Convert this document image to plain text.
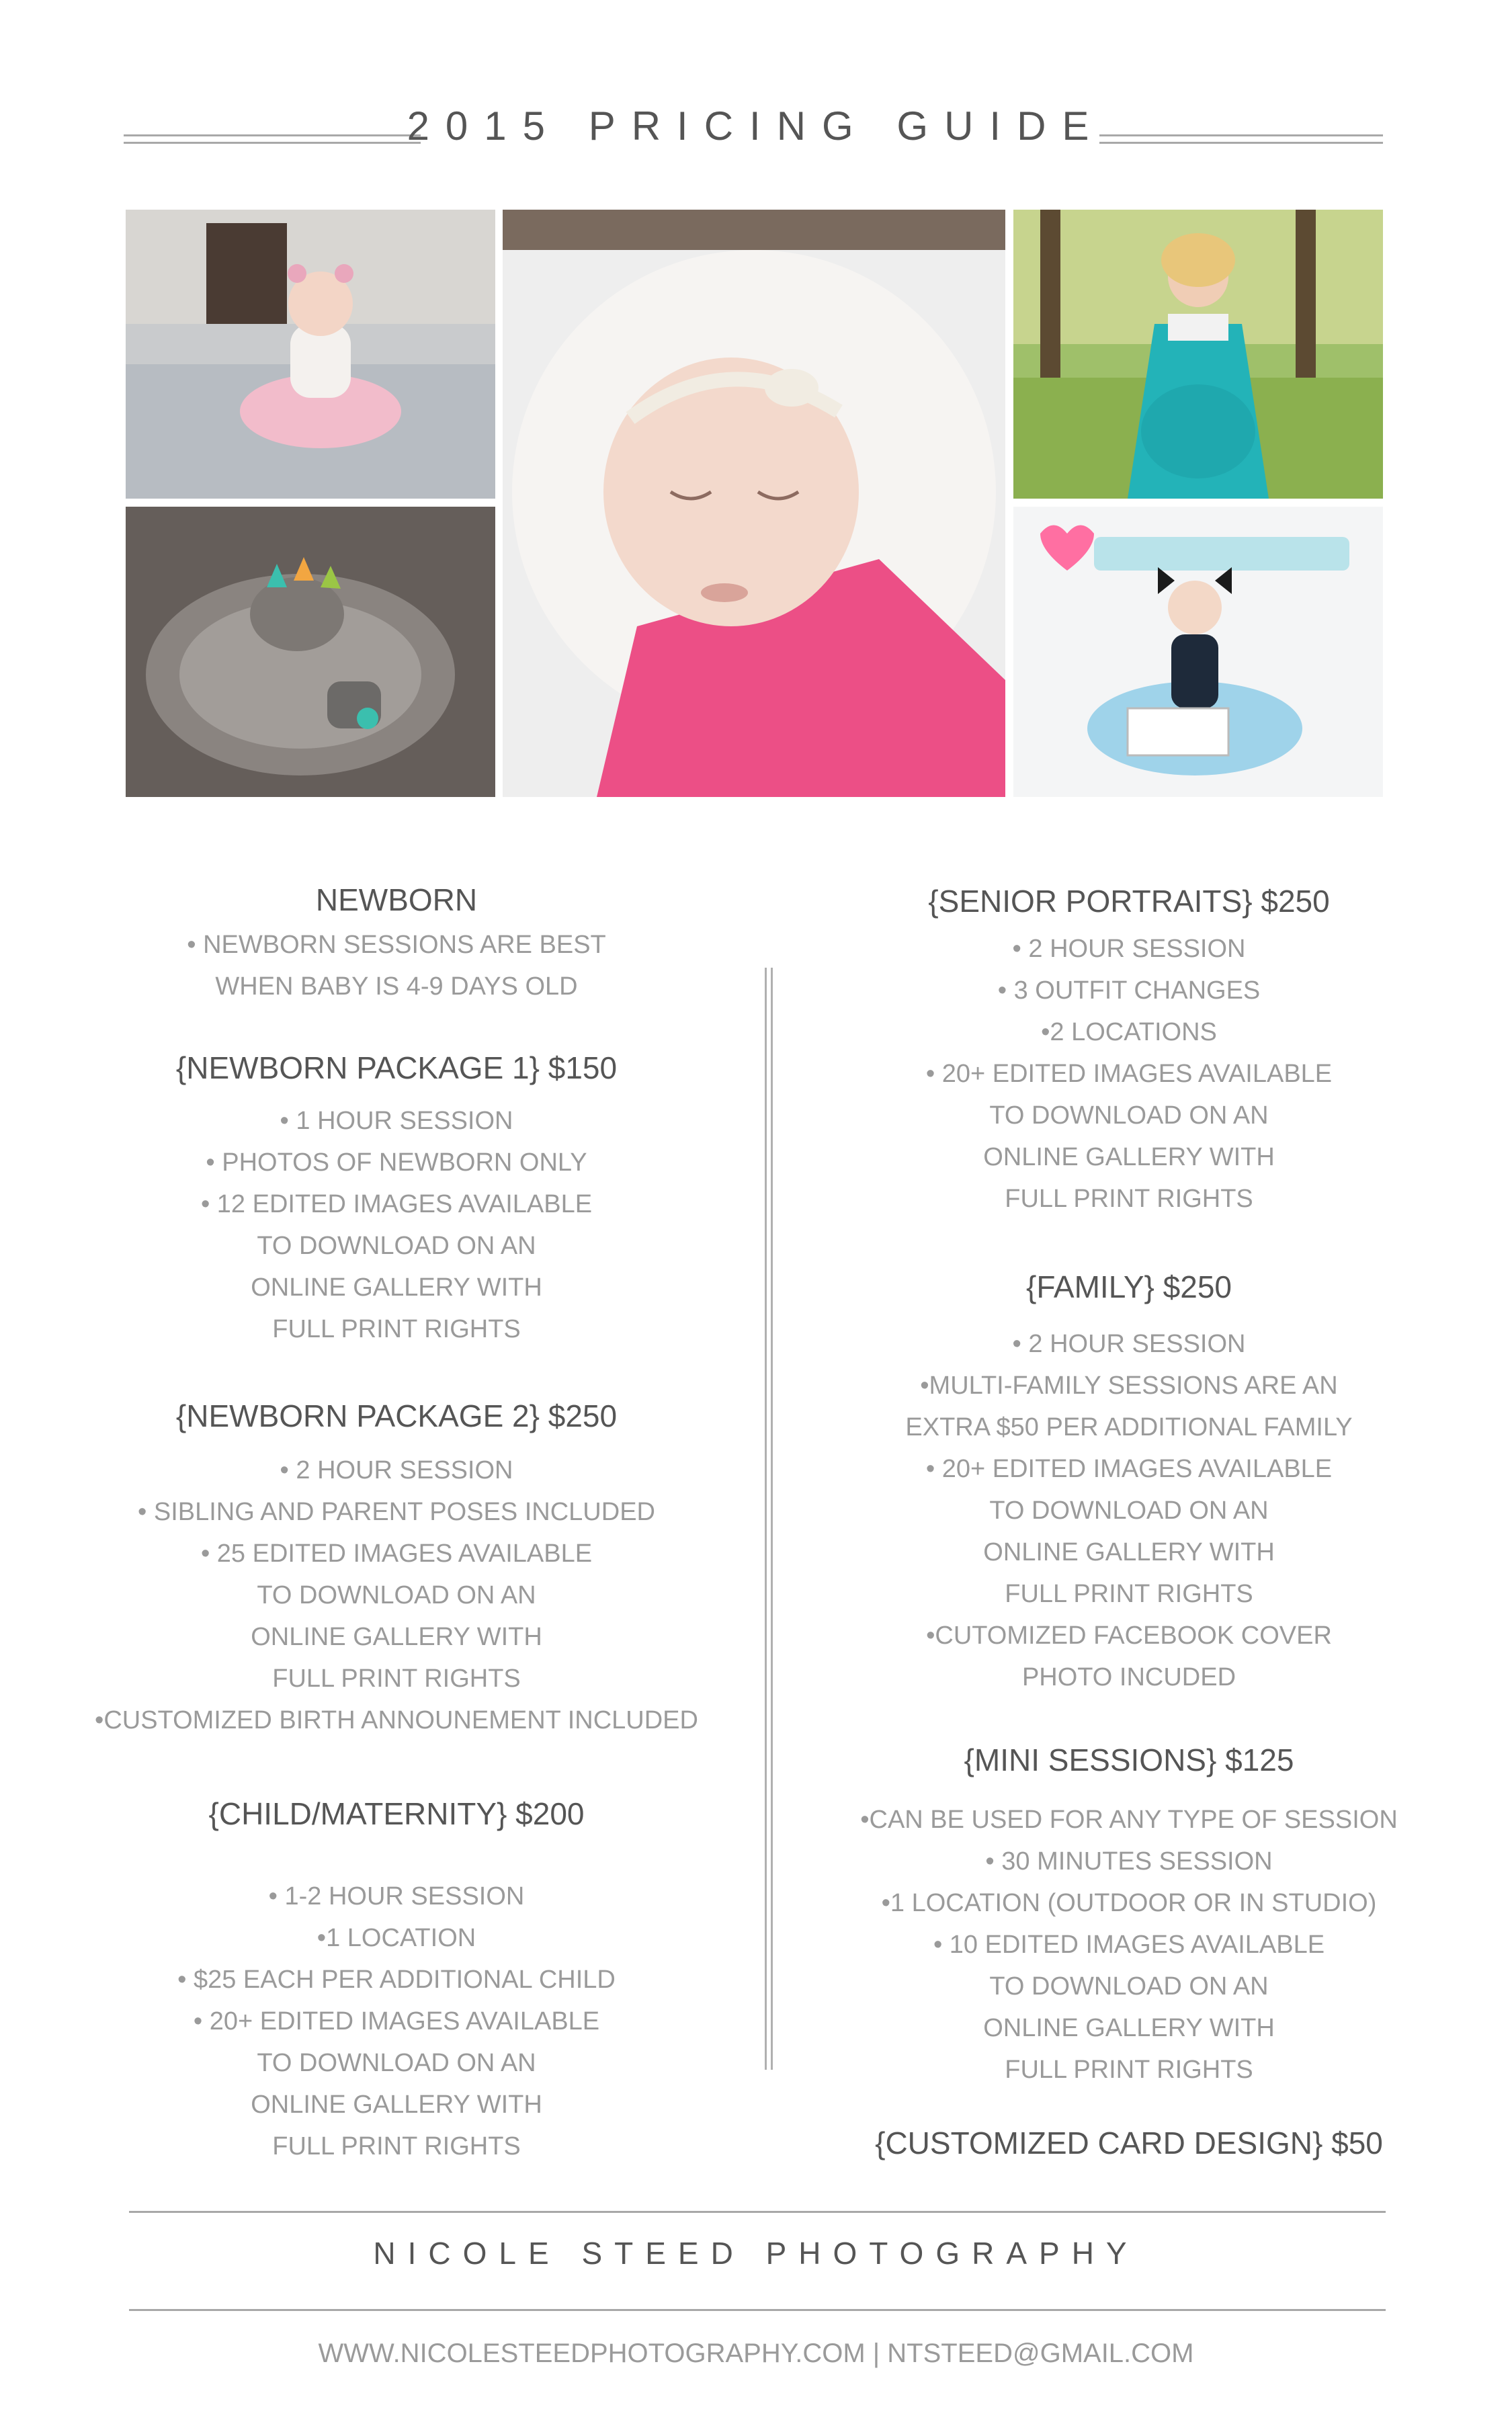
2015 PRICING GUIDE
NEWBORN
• NEWBORN SESSIONS ARE BEST
WHEN BABY IS 4-9 DAYS OLD
{NEWBORN PACKAGE 1} $150
• 1 HOUR SESSION
• PHOTOS OF NEWBORN ONLY
• 12 EDITED IMAGES AVAILABLE
TO DOWNLOAD ON AN
ONLINE GALLERY WITH
FULL PRINT RIGHTS
{NEWBORN PACKAGE 2} $250
• 2 HOUR SESSION
• SIBLING AND PARENT POSES INCLUDED
• 25 EDITED IMAGES AVAILABLE
TO DOWNLOAD ON AN
ONLINE GALLERY WITH
FULL PRINT RIGHTS
•CUSTOMIZED BIRTH ANNOUNEMENT INCLUDED
{CHILD/MATERNITY} $200
• 1-2 HOUR SESSION
•1 LOCATION
• $25 EACH PER ADDITIONAL CHILD
• 20+ EDITED IMAGES AVAILABLE
TO DOWNLOAD ON AN
ONLINE GALLERY WITH
FULL PRINT RIGHTS
{SENIOR PORTRAITS} $250
• 2 HOUR SESSION
• 3 OUTFIT CHANGES
•2 LOCATIONS
• 20+ EDITED IMAGES AVAILABLE
TO DOWNLOAD ON AN
ONLINE GALLERY WITH
FULL PRINT RIGHTS
{FAMILY} $250
• 2 HOUR SESSION
•MULTI-FAMILY SESSIONS ARE AN
EXTRA $50 PER ADDITIONAL FAMILY
• 20+ EDITED IMAGES AVAILABLE
TO DOWNLOAD ON AN
ONLINE GALLERY WITH
FULL PRINT RIGHTS
•CUTOMIZED FACEBOOK COVER
PHOTO INCUDED
{MINI SESSIONS} $125
•CAN BE USED FOR ANY TYPE OF SESSION
• 30 MINUTES SESSION
•1 LOCATION (OUTDOOR OR IN STUDIO)
• 10 EDITED IMAGES AVAILABLE
TO DOWNLOAD ON AN
ONLINE GALLERY WITH
FULL PRINT RIGHTS
{CUSTOMIZED CARD DESIGN} $50
NICOLE STEED PHOTOGRAPHY
WWW.NICOLESTEEDPHOTOGRAPHY.COM | NTSTEED@GMAIL.COM
